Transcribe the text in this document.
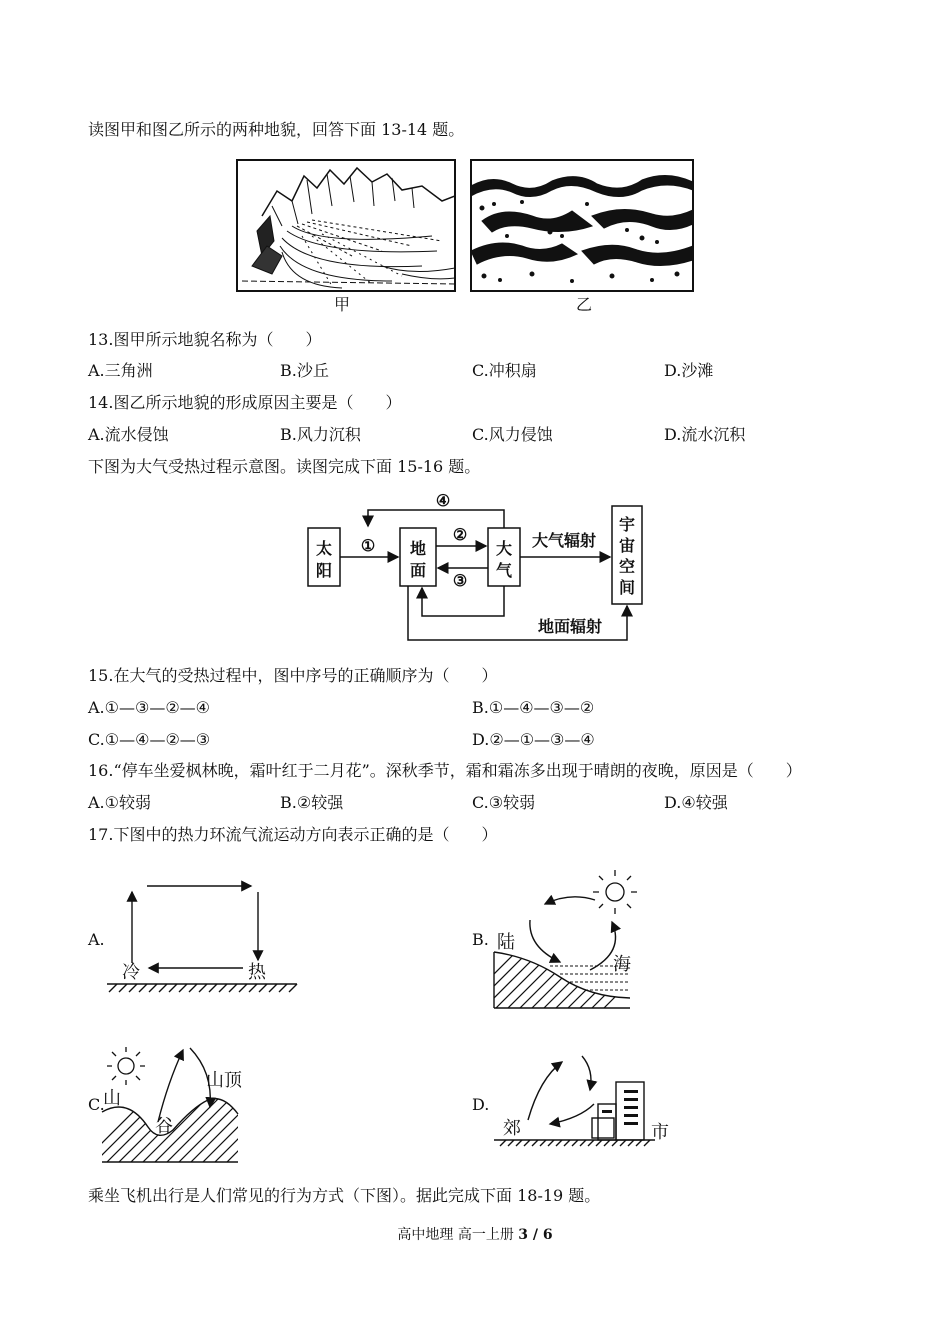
读图甲和图乙所示的两种地貌，回答下面 13-14 题。
甲	乙
13.图甲所示地貌名称为（　　）
A.三角洲	B.沙丘	C.冲积扇	D.沙滩
14.图乙所示地貌的形成原因主要是（　　）
A.流水侵蚀	B.风力沉积	C.风力侵蚀	D.流水沉积
下图为大气受热过程示意图。读图完成下面 15-16 题。
太
阳
地
面
大
气
宇
宙
空
间
①
②
③
④
大气辐射
地面辐射
15.在大气的受热过程中，图中序号的正确顺序为（　　）
A.①—③—②—④	B.①—④—③—②
C.①—④—②—③	D.②—①—③—④
16.“停车坐爱枫林晚，霜叶红于二月花”。深秋季节，霜和霜冻多出现于晴朗的夜晚，原因是（　　）
A.①较弱	B.②较强	C.③较弱	D.④较强
17.下图中的热力环流气流运动方向表示正确的是（　　）
A.	B.
C.	D.
冷	热
陆
海
山
谷
山顶
郊	市
乘坐飞机出行是人们常见的行为方式（下图）。据此完成下面 18-19 题。
高中地理 高一上册 3 / 6
